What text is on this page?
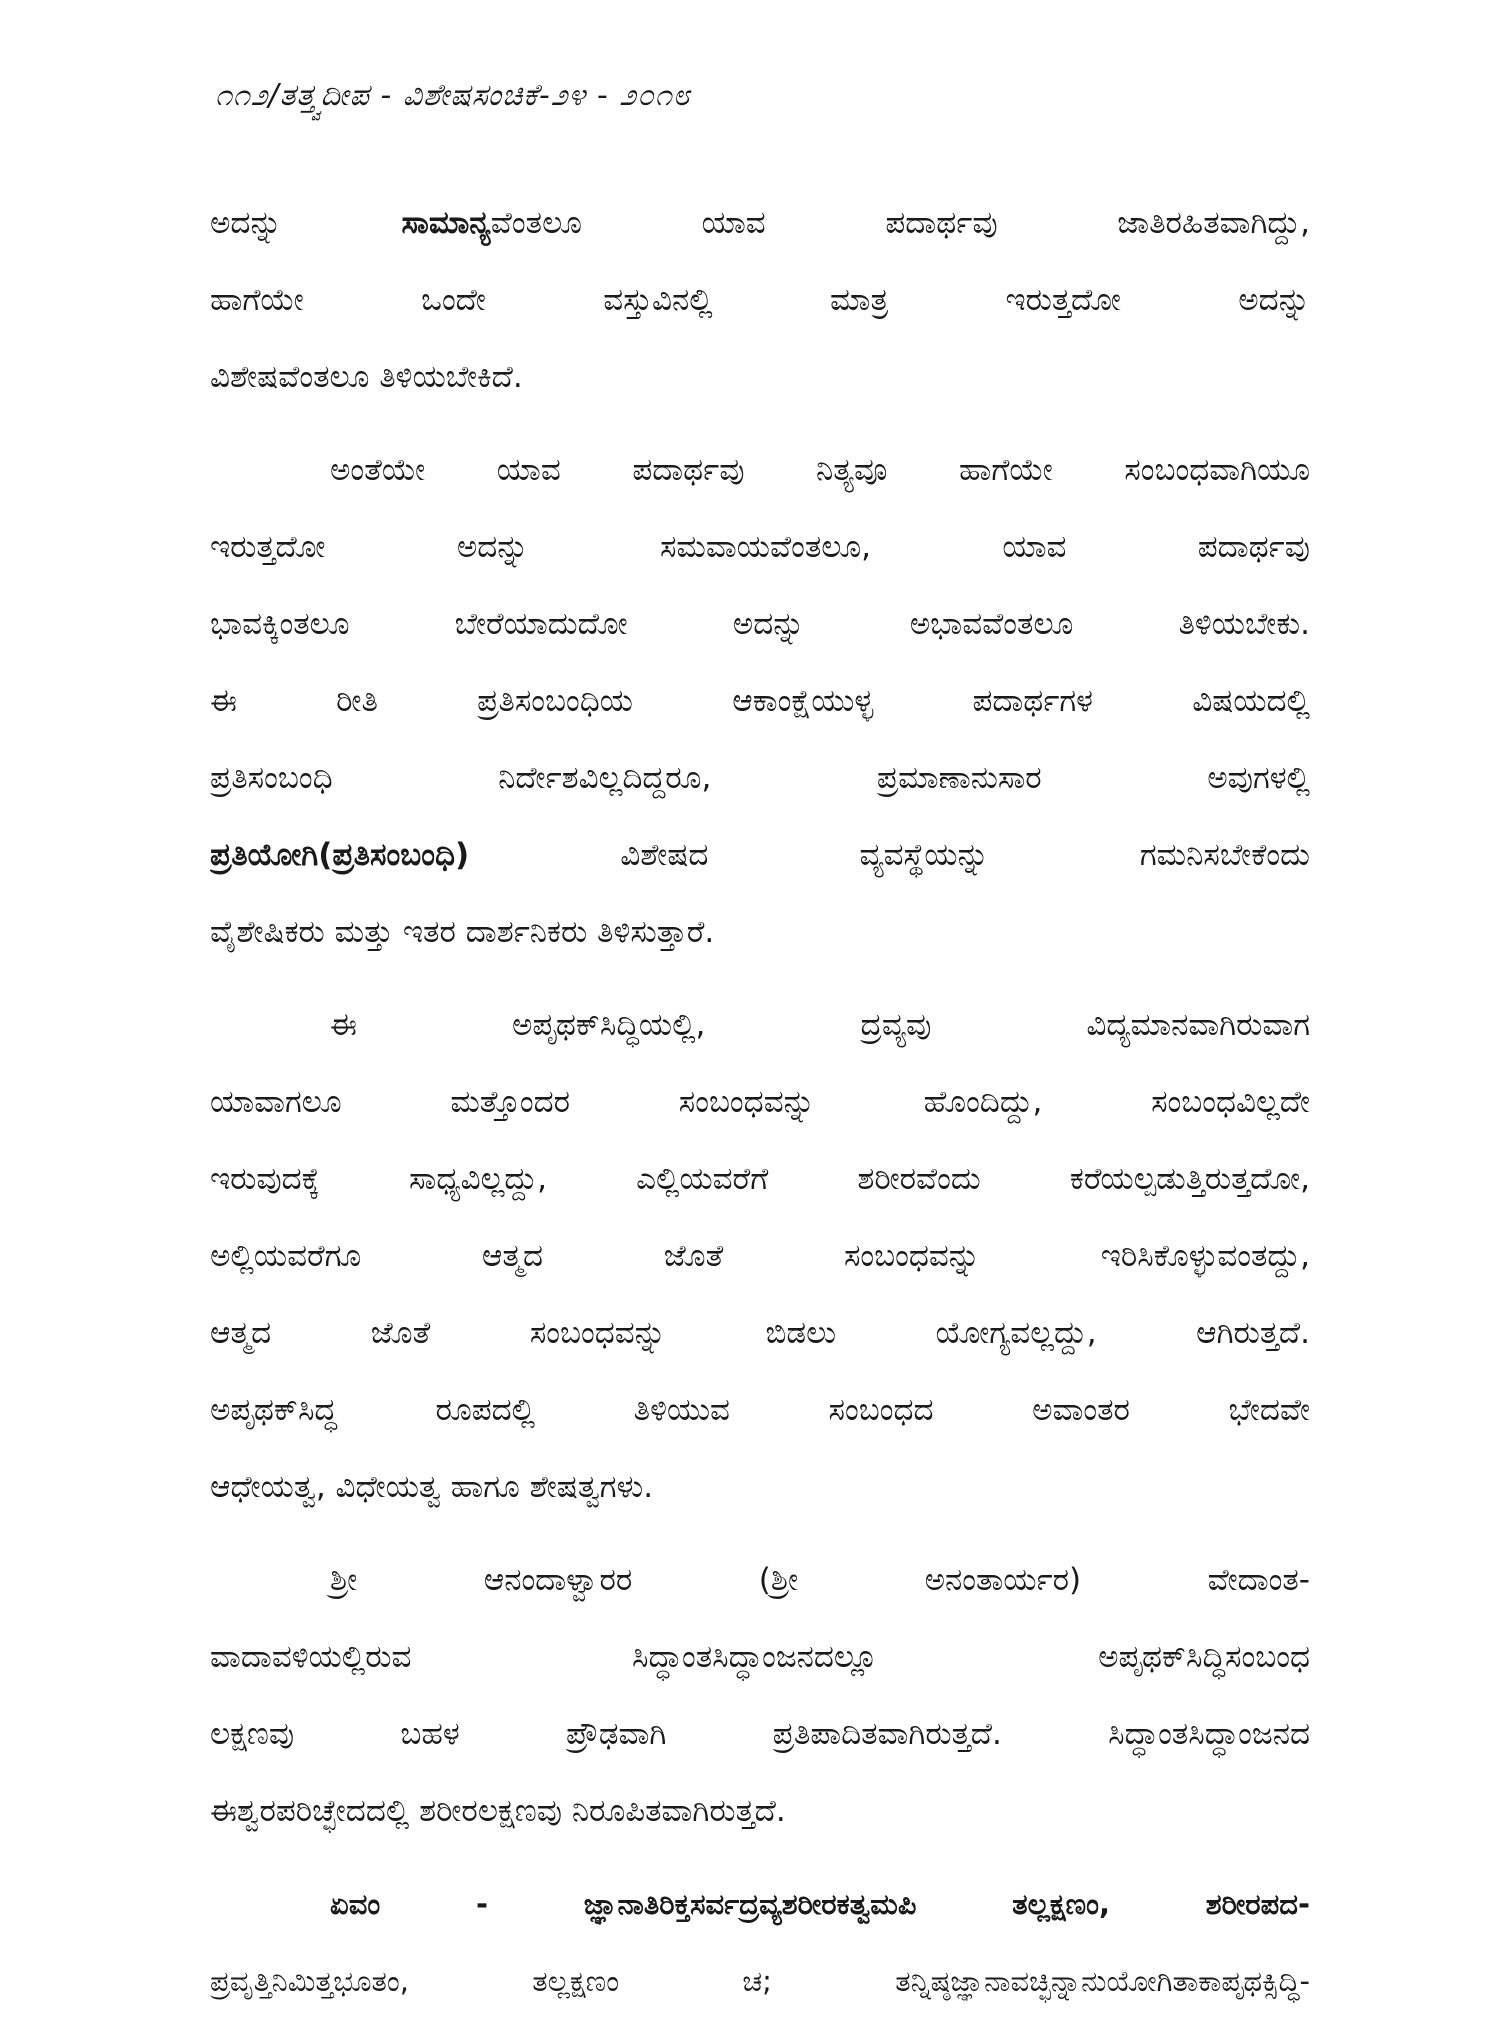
೧೧೨/ತತ್ತ್ವದೀಪ - ವಿಶೇಷಸಂಚಿಕೆ-೨೪ - ೨೦೧೮

ಅದನ್ನು ಸಾಮಾನ್ಯವೆಂತಲೂ ಯಾವ ಪದಾರ್ಥವು ಜಾತಿರಹಿತವಾಗಿದ್ದು,
ಹಾಗೆಯೇ ಒಂದೇ ವಸ್ತುವಿನಲ್ಲಿ ಮಾತ್ರ ಇರುತ್ತದೋ ಅದನ್ನು
ವಿಶೇಷವೆಂತಲೂ ತಿಳಿಯಬೇಕಿದೆ.

ಅಂತೆಯೇ ಯಾವ ಪದಾರ್ಥವು ನಿತ್ಯವೂ ಹಾಗೆಯೇ ಸಂಬಂಧವಾಗಿಯೂ
ಇರುತ್ತದೋ ಅದನ್ನು ಸಮವಾಯವೆಂತಲೂ, ಯಾವ ಪದಾರ್ಥವು
ಭಾವಕ್ಕಿಂತಲೂ ಬೇರೆಯಾದುದೋ ಅದನ್ನು ಅಭಾವವೆಂತಲೂ ತಿಳಿಯಬೇಕು.
ಈ ರೀತಿ ಪ್ರತಿಸಂಬಂಧಿಯ ಆಕಾಂಕ್ಷೆಯುಳ್ಳ ಪದಾರ್ಥಗಳ ವಿಷಯದಲ್ಲಿ
ಪ್ರತಿಸಂಬಂಧಿ ನಿರ್ದೇಶವಿಲ್ಲದಿದ್ದರೂ, ಪ್ರಮಾಣಾನುಸಾರ ಅವುಗಳಲ್ಲಿ
ಪ್ರತಿಯೋಗಿ(ಪ್ರತಿಸಂಬಂಧಿ) ವಿಶೇಷದ ವ್ಯವಸ್ಥೆಯನ್ನು ಗಮನಿಸಬೇಕೆಂದು
ವೈಶೇಷಿಕರು ಮತ್ತು ಇತರ ದಾರ್ಶನಿಕರು ತಿಳಿಸುತ್ತಾರೆ.

ಈ ಅಪೃಥಕ್‌ಸಿದ್ಧಿಯಲ್ಲಿ, ದ್ರವ್ಯವು ವಿದ್ಯಮಾನವಾಗಿರುವಾಗ
ಯಾವಾಗಲೂ ಮತ್ತೊಂದರ ಸಂಬಂಧವನ್ನು ಹೊಂದಿದ್ದು, ಸಂಬಂಧವಿಲ್ಲದೇ
ಇರುವುದಕ್ಕೆ ಸಾಧ್ಯವಿಲ್ಲದ್ದು, ಎಲ್ಲಿಯವರೆಗೆ ಶರೀರವೆಂದು ಕರೆಯಲ್ಪಡುತ್ತಿರುತ್ತದೋ,
ಅಲ್ಲಿಯವರೆಗೂ ಆತ್ಮದ ಜೊತೆ ಸಂಬಂಧವನ್ನು ಇರಿಸಿಕೊಳ್ಳುವಂತದ್ದು,
ಆತ್ಮದ ಜೊತೆ ಸಂಬಂಧವನ್ನು ಬಿಡಲು ಯೋಗ್ಯವಲ್ಲದ್ದು, ಆಗಿರುತ್ತದೆ.
ಅಪೃಥಕ್‌ಸಿದ್ಧ ರೂಪದಲ್ಲಿ ತಿಳಿಯುವ ಸಂಬಂಧದ ಅವಾಂತರ ಭೇದವೇ
ಆಧೇಯತ್ವ, ವಿಧೇಯತ್ವ ಹಾಗೂ ಶೇಷತ್ವಗಳು.

ಶ್ರೀ ಆನಂದಾಳ್ವಾರರ (ಶ್ರೀ ಅನಂತಾರ್ಯರ) ವೇದಾಂತ-
ವಾದಾವಳಿಯಲ್ಲಿರುವ ಸಿದ್ಧಾಂತಸಿದ್ಧಾಂಜನದಲ್ಲೂ ಅಪೃಥಕ್‌ಸಿದ್ಧಿಸಂಬಂಧ
ಲಕ್ಷಣವು ಬಹಳ ಪ್ರೌಢವಾಗಿ ಪ್ರತಿಪಾದಿತವಾಗಿರುತ್ತದೆ. ಸಿದ್ಧಾಂತಸಿದ್ಧಾಂಜನದ
ಈಶ್ವರಪರಿಚ್ಛೇದದಲ್ಲಿ ಶರೀರಲಕ್ಷಣವು ನಿರೂಪಿತವಾಗಿರುತ್ತದೆ.

ಏವಂ - ಜ್ಞಾನಾತಿರಿಕ್ತಸರ್ವದ್ರವ್ಯಶರೀರಕತ್ವಮಪಿ ತಲ್ಲಕ್ಷಣಂ, ಶರೀರಪದ-
ಪ್ರವೃತ್ತಿನಿಮಿತ್ತಭೂತಂ, ತಲ್ಲಕ್ಷಣಂ ಚ; ತನ್ನಿಷ್ಠಜ್ಞಾನಾವಚ್ಛಿನ್ನಾನುಯೋಗಿತಾಕಾಪೃಥಕ್ಸಿದ್ಧಿ-
